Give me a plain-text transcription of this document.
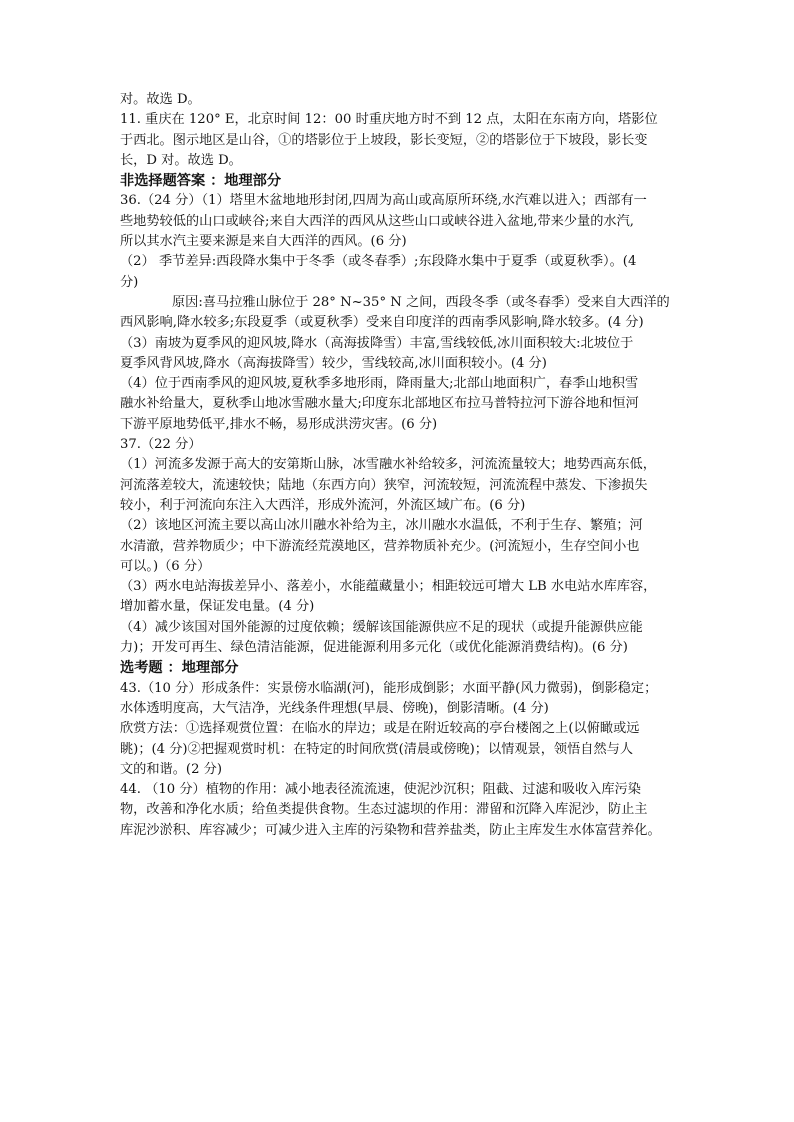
对。故选 D。
11. 重庆在 120° E，北京时间 12：00 时重庆地方时不到 12 点，太阳在东南方向，塔影位
于西北。图示地区是山谷，①的塔影位于上坡段，影长变短，②的塔影位于下坡段，影长变
长，D 对。故选 D。
非选择题答案 ：地理部分
36.（24 分）（1）塔里木盆地地形封闭,四周为高山或高原所环绕,水汽难以进入；西部有一
些地势较低的山口或峡谷;来自大西洋的西风从这些山口或峡谷进入盆地,带来少量的水汽,
所以其水汽主要来源是来自大西洋的西风。(6 分)
（2） 季节差异:西段降水集中于冬季（或冬春季）;东段降水集中于夏季（或夏秋季）。(4
分)
原因:喜马拉雅山脉位于 28° N~35° N 之间，西段冬季（或冬春季）受来自大西洋的
西风影响,降水较多;东段夏季（或夏秋季）受来自印度洋的西南季风影响,降水较多。(4 分)
（3）南坡为夏季风的迎风坡,降水（高海拔降雪）丰富,雪线较低,冰川面积较大:北坡位于
夏季风背风坡,降水（高海拔降雪）较少，雪线较高,冰川面积较小。(4 分)
（4）位于西南季风的迎风坡,夏秋季多地形雨，降雨量大;北部山地面积广，春季山地积雪
融水补给量大，夏秋季山地冰雪融水量大;印度东北部地区布拉马普特拉河下游谷地和恒河
下游平原地势低平,排水不畅，易形成洪涝灾害。(6 分)
37.（22 分）
（1）河流多发源于高大的安第斯山脉，冰雪融水补给较多，河流流量较大；地势西高东低，
河流落差较大，流速较快；陆地（东西方向）狭窄，河流较短，河流流程中蒸发、下渗损失
较小，利于河流向东注入大西洋，形成外流河，外流区域广布。(6 分)
（2）该地区河流主要以高山冰川融水补给为主，冰川融水水温低，不利于生存、繁殖；河
水清澈，营养物质少；中下游流经荒漠地区，营养物质补充少。(河流短小，生存空间小也
可以。)（6 分）
（3）两水电站海拔差异小、落差小，水能蕴藏量小；相距较远可增大 LB 水电站水库库容，
增加蓄水量，保证发电量。(4 分)
（4）减少该国对国外能源的过度依赖；缓解该国能源供应不足的现状（或提升能源供应能
力)；开发可再生、绿色清洁能源，促进能源利用多元化（或优化能源消费结构)。(6 分)
选考题 ：地理部分
43.（10 分）形成条件：实景傍水临湖(河)，能形成倒影；水面平静(风力微弱)，倒影稳定；
水体透明度高，大气洁净，光线条件理想(早晨、傍晚)，倒影清晰。(4 分)
欣赏方法：①选择观赏位置：在临水的岸边；或是在附近较高的亭台楼阁之上(以俯瞰或远
眺)；(4 分)②把握观赏时机：在特定的时间欣赏(清晨或傍晚)；以情观景，领悟自然与人
文的和谐。(2 分)
44. （10 分）植物的作用：减小地表径流流速，使泥沙沉积；阻截、过滤和吸收入库污染
物，改善和净化水质；给鱼类提供食物。生态过滤坝的作用：滞留和沉降入库泥沙，防止主
库泥沙淤积、库容减少；可减少进入主库的污染物和营养盐类，防止主库发生水体富营养化。
